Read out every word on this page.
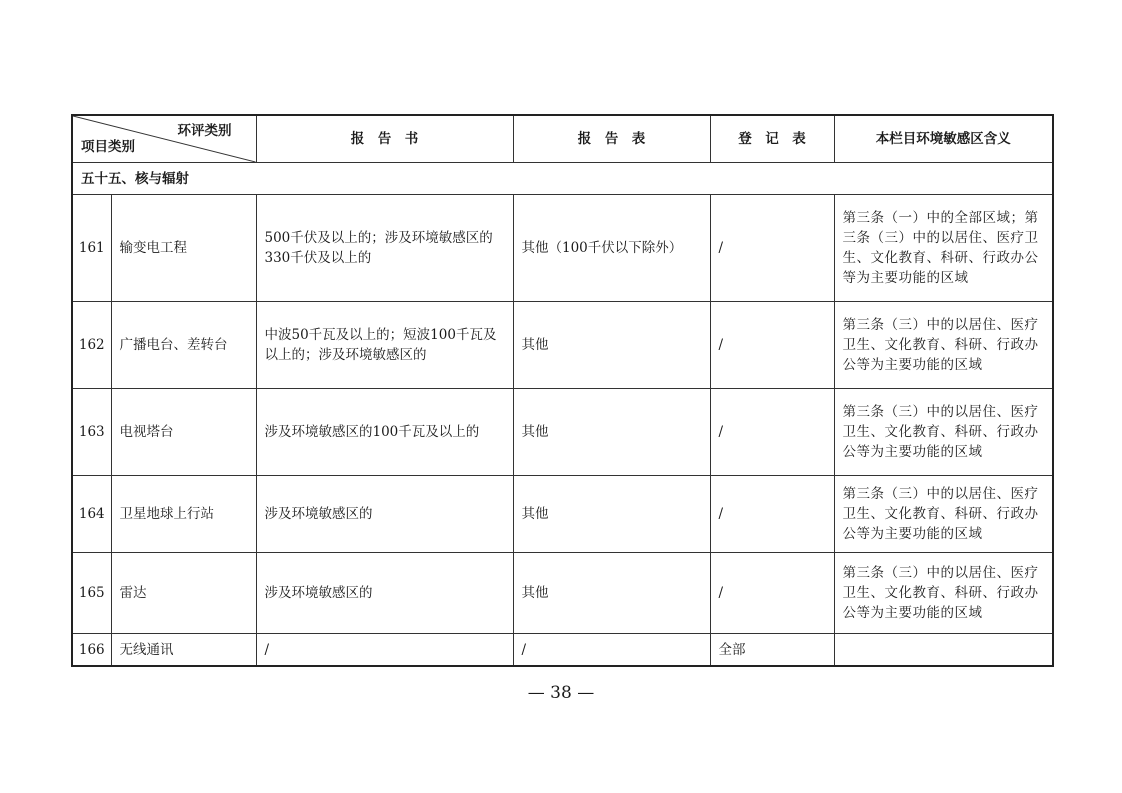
环评类别
项目类别		报　告　书	报　告　表	登　记　表	本栏目环境敏感区含义
五十五、核与辐射					
161	输变电工程	500千伏及以上的；涉及环境敏感区的330千伏及以上的	其他（100千伏以下除外）	/	第三条（一）中的全部区域；第三条（三）中的以居住、医疗卫生、文化教育、科研、行政办公等为主要功能的区域
162	广播电台、差转台	中波50千瓦及以上的；短波100千瓦及以上的；涉及环境敏感区的	其他	/	第三条（三）中的以居住、医疗卫生、文化教育、科研、行政办公等为主要功能的区域
163	电视塔台	涉及环境敏感区的100千瓦及以上的	其他	/	第三条（三）中的以居住、医疗卫生、文化教育、科研、行政办公等为主要功能的区域
164	卫星地球上行站	涉及环境敏感区的	其他	/	第三条（三）中的以居住、医疗卫生、文化教育、科研、行政办公等为主要功能的区域
165	雷达	涉及环境敏感区的	其他	/	第三条（三）中的以居住、医疗卫生、文化教育、科研、行政办公等为主要功能的区域
166	无线通讯	/	/	全部	
— 38 —
